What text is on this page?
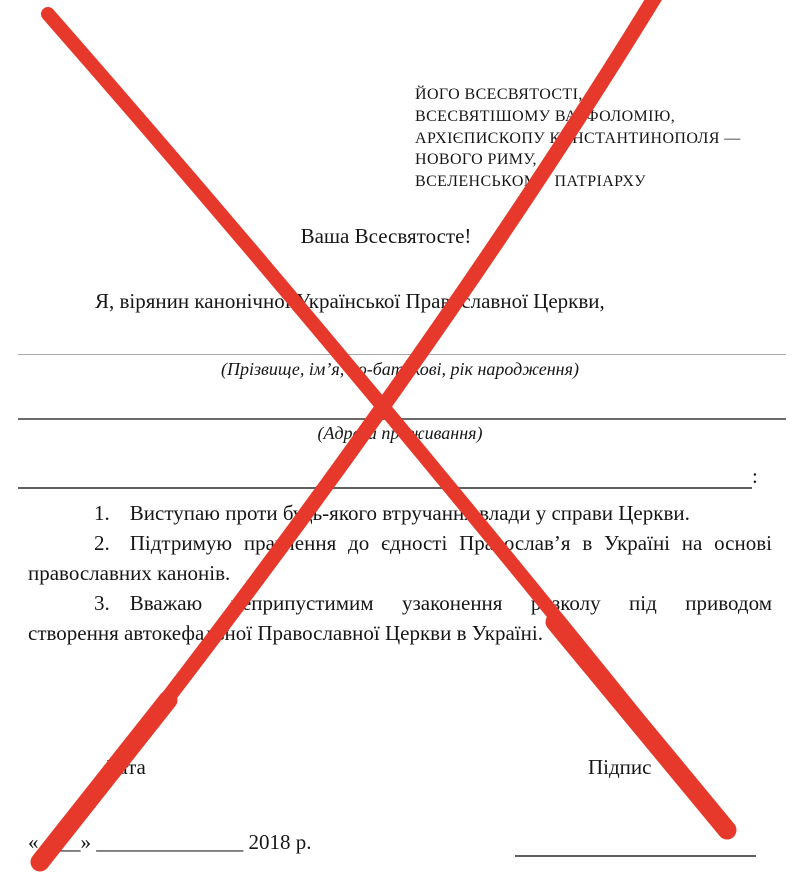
ЙОГО ВСЕСВЯТОСТІ,
ВСЕСВЯТІШОМУ ВАРФОЛОМІЮ,
АРХІЄПИСКОПУ КОНСТАНТИНОПОЛЯ —
НОВОГО РИМУ,
ВСЕЛЕНСЬКОМУ ПАТРІАРХУ
Ваша Всесвятосте!
Я, вірянин канонічної Української Православної Церкви,
(Прізвище, ім’я, по-батькові, рік народження)
(Адреса проживання)
:
1. Виступаю проти будь-якого втручання влади у справи Церкви.
2. Підтримую прагнення до єдності Православ’я в Україні на основі
православних канонів.
3. Вважаю неприпустимим узаконення розколу під приводом
створення автокефальної Православної Церкви в Україні.
Дата	Підпис
«____» ______________ 2018 р.
